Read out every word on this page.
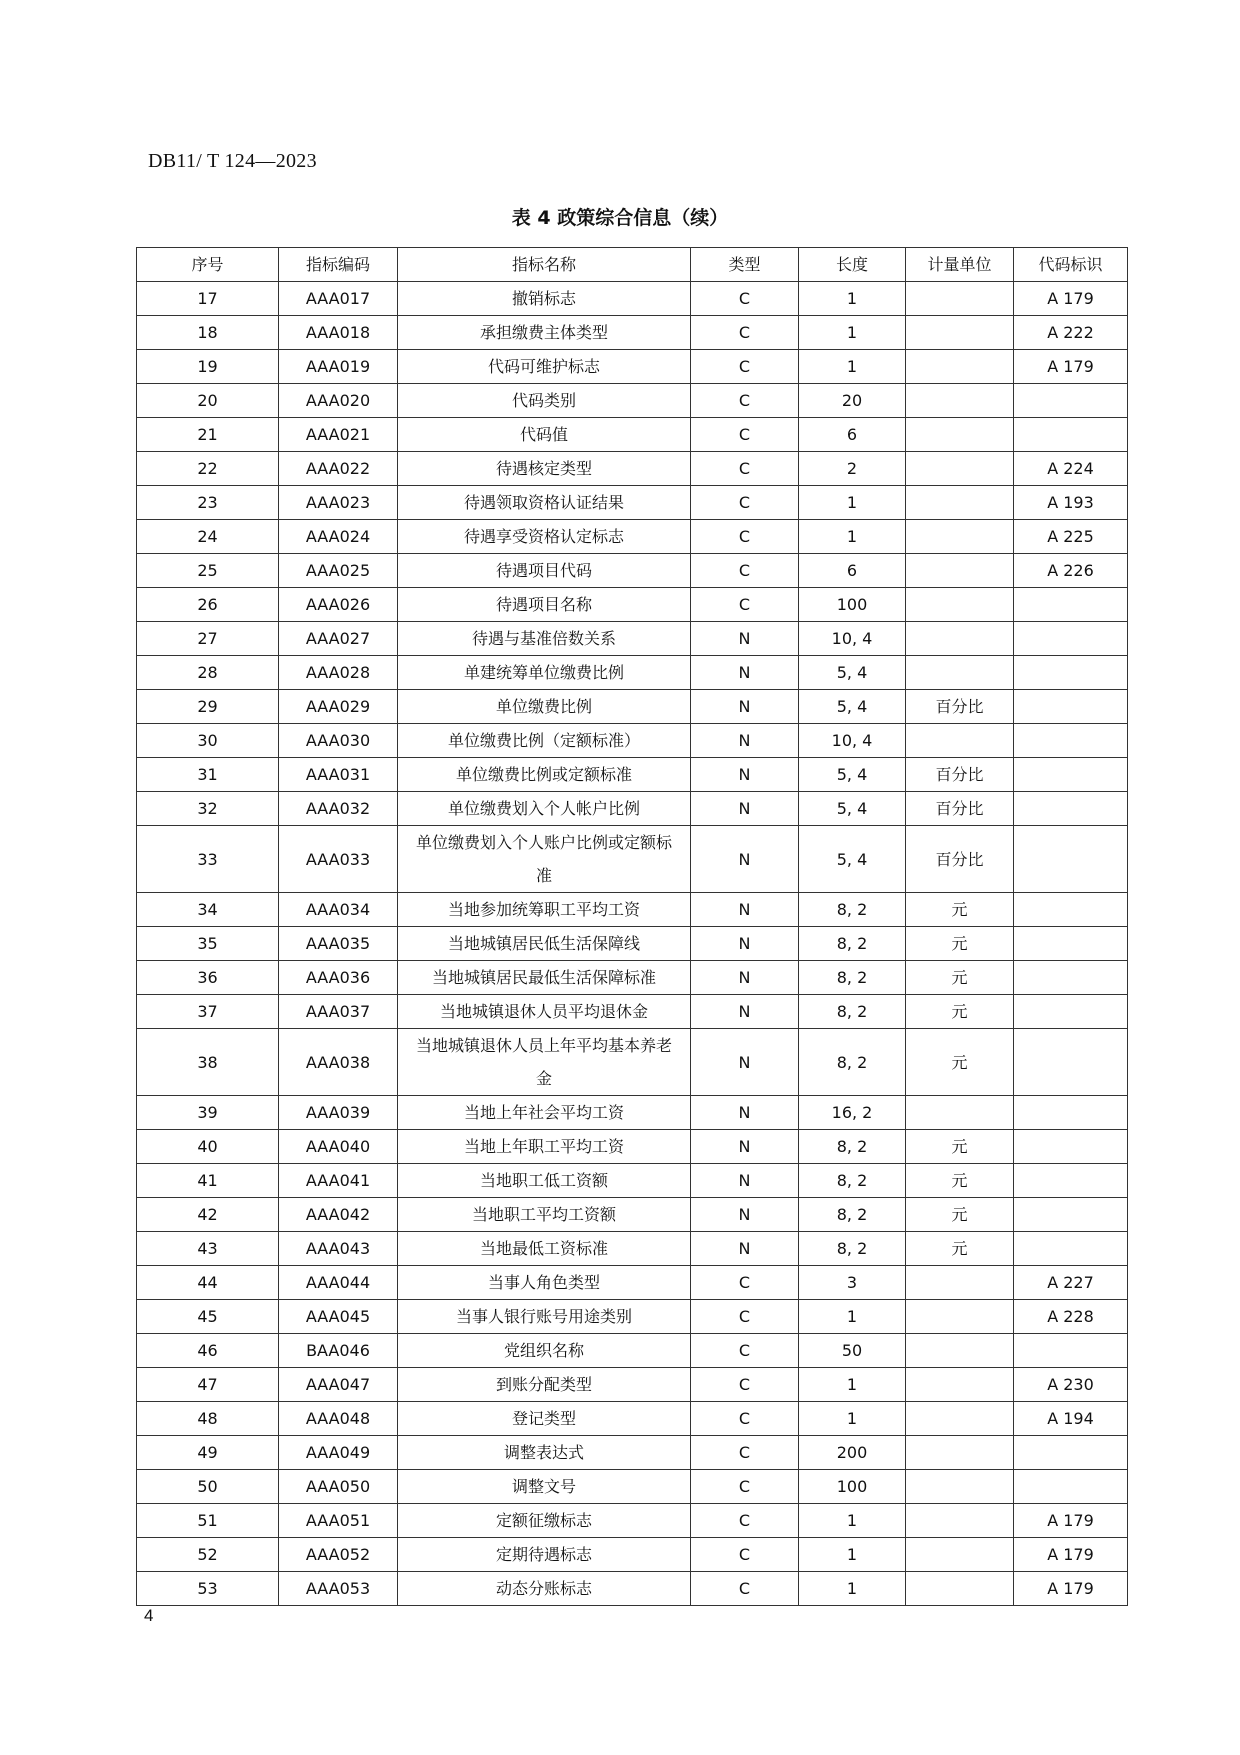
DB11/ T 124—2023
表 4 政策综合信息（续）
序号	指标编码	指标名称	类型	长度	计量单位	代码标识
17	AAA017	撤销标志	C	1		A 179
18	AAA018	承担缴费主体类型	C	1		A 222
19	AAA019	代码可维护标志	C	1		A 179
20	AAA020	代码类别	C	20		
21	AAA021	代码值	C	6		
22	AAA022	待遇核定类型	C	2		A 224
23	AAA023	待遇领取资格认证结果	C	1		A 193
24	AAA024	待遇享受资格认定标志	C	1		A 225
25	AAA025	待遇项目代码	C	6		A 226
26	AAA026	待遇项目名称	C	100		
27	AAA027	待遇与基准倍数关系	N	10, 4		
28	AAA028	单建统筹单位缴费比例	N	5, 4		
29	AAA029	单位缴费比例	N	5, 4	百分比	
30	AAA030	单位缴费比例（定额标准）	N	10, 4		
31	AAA031	单位缴费比例或定额标准	N	5, 4	百分比	
32	AAA032	单位缴费划入个人帐户比例	N	5, 4	百分比	
33	AAA033	单位缴费划入个人账户比例或定额标准	N	5, 4	百分比	
34	AAA034	当地参加统筹职工平均工资	N	8, 2	元	
35	AAA035	当地城镇居民低生活保障线	N	8, 2	元	
36	AAA036	当地城镇居民最低生活保障标准	N	8, 2	元	
37	AAA037	当地城镇退休人员平均退休金	N	8, 2	元	
38	AAA038	当地城镇退休人员上年平均基本养老金	N	8, 2	元	
39	AAA039	当地上年社会平均工资	N	16, 2		
40	AAA040	当地上年职工平均工资	N	8, 2	元	
41	AAA041	当地职工低工资额	N	8, 2	元	
42	AAA042	当地职工平均工资额	N	8, 2	元	
43	AAA043	当地最低工资标准	N	8, 2	元	
44	AAA044	当事人角色类型	C	3		A 227
45	AAA045	当事人银行账号用途类别	C	1		A 228
46	BAA046	党组织名称	C	50		
47	AAA047	到账分配类型	C	1		A 230
48	AAA048	登记类型	C	1		A 194
49	AAA049	调整表达式	C	200		
50	AAA050	调整文号	C	100		
51	AAA051	定额征缴标志	C	1		A 179
52	AAA052	定期待遇标志	C	1		A 179
53	AAA053	动态分账标志	C	1		A 179
4
